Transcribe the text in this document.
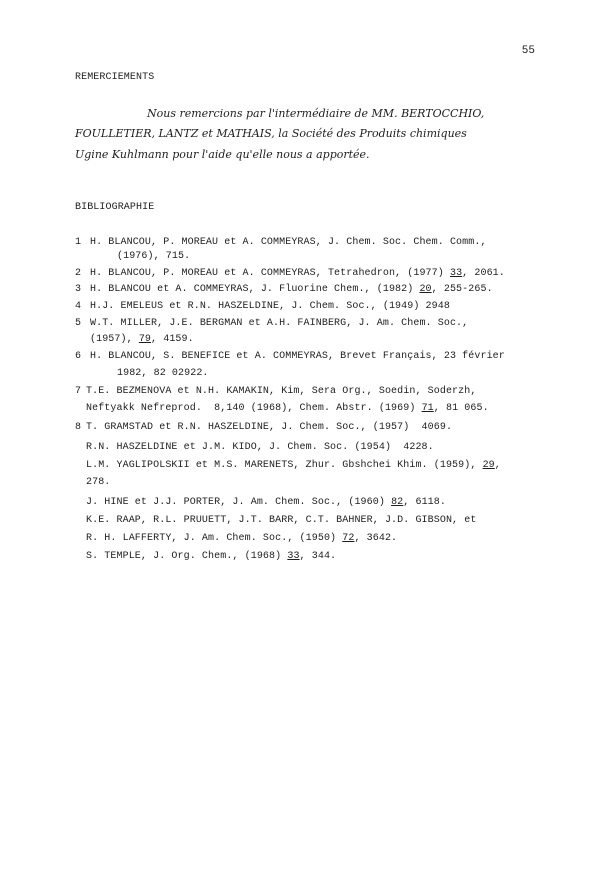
55
REMERCIEMENTS
Nous remercions par l'intermédiaire de MM. BERTOCCHIO,
FOULLETIER, LANTZ et MATHAIS, la Société des Produits chimiques
Ugine Kuhlmann pour l'aide qu'elle nous a apportée.
BIBLIOGRAPHIE
1 H. BLANCOU, P. MOREAU et A. COMMEYRAS, J. Chem. Soc. Chem. Comm.,
(1976), 715.
2 H. BLANCOU, P. MOREAU et A. COMMEYRAS, Tetrahedron, (1977) 33, 2061.
3 H. BLANCOU et A. COMMEYRAS, J. Fluorine Chem., (1982) 20, 255-265.
4 H.J. EMELEUS et R.N. HASZELDINE, J. Chem. Soc., (1949) 2948
5 W.T. MILLER, J.E. BERGMAN et A.H. FAINBERG, J. Am. Chem. Soc.,
(1957), 79, 4159.
6 H. BLANCOU, S. BENEFICE et A. COMMEYRAS, Brevet Français, 23 février
1982, 82 02922.
7 T.E. BEZMENOVA et N.H. KAMAKIN, Kim, Sera Org., Soedin, Soderzh,
Neftyakk Nefreprod.  8,140 (1968), Chem. Abstr. (1969) 71, 81 065.
8 T. GRAMSTAD et R.N. HASZELDINE, J. Chem. Soc., (1957)  4069.
R.N. HASZELDINE et J.M. KIDO, J. Chem. Soc. (1954)  4228.
L.M. YAGLIPOLSKII et M.S. MARENETS, Zhur. Gbshchei Khim. (1959), 29,
278.
J. HINE et J.J. PORTER, J. Am. Chem. Soc., (1960) 82, 6118.
K.E. RAAP, R.L. PRUUETT, J.T. BARR, C.T. BAHNER, J.D. GIBSON, et
R. H. LAFFERTY, J. Am. Chem. Soc., (1950) 72, 3642.
S. TEMPLE, J. Org. Chem., (1968) 33, 344.
